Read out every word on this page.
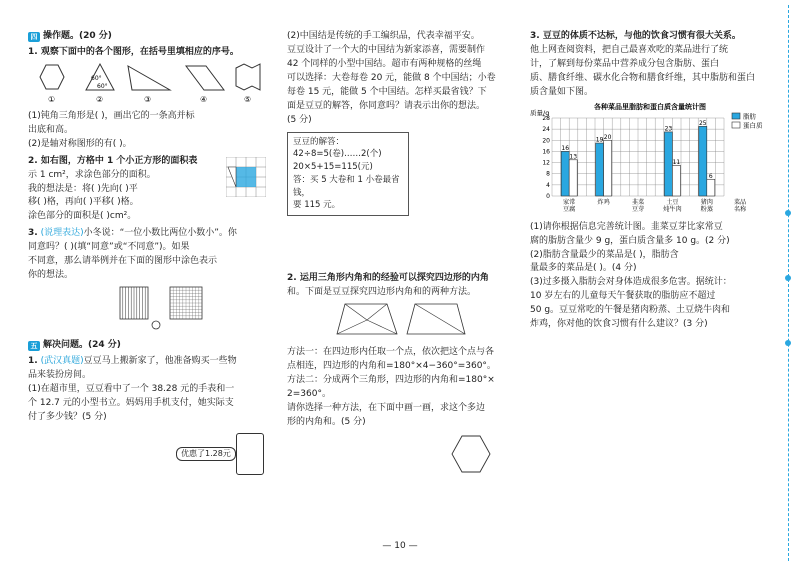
四 操作题。(20 分)

1. 观察下面中的各个图形，在括号里填相应的序号。

60°
60°
①	②	③	④	⑤

(1)钝角三角形是( )，画出它的一条高并标

出底和高。

(2)是轴对称图形的有( )。

2. 如右图，方格中 1 个小正方形的面积表

示 1 cm²，求涂色部分的面积。

我的想法是：将( )先向( )平

移( )格，再向( )平移( )格。

涂色部分的面积是( )cm²。

3. (说理表达)小冬说：“一位小数比两位小数小”。你

同意吗？( )(填“同意”或“不同意”)。如果

不同意，那么请举例并在下面的图形中涂色表示

你的想法。

五 解决问题。(24 分)

1. (武汉真题)豆豆马上搬新家了，他准备购买一些物

品来装扮房间。

(1)在超市里，豆豆看中了一个 38.28 元的手表和一

个 12.7 元的小型书立。妈妈用手机支付，她实际支

付了多少钱？(5 分)

优惠了1.28元

(2)中国结是传统的手工编织品，代表幸福平安。

豆豆设计了一个大的中国结为新家添喜，需要制作

42 个同样的小型中国结。超市有两种规格的丝绳

可以选择：大卷每卷 20 元，能做 8 个中国结；小卷

每卷 15 元，能做 5 个中国结。怎样买最省钱？下

面是豆豆的解答，你同意吗？请表示出你的想法。

(5 分)

豆豆的解答：

42÷8=5(卷)……2(个)

20×5+15=115(元)

答：买 5 大卷和 1 小卷最省钱，

要 115 元。

2. 运用三角形内角和的经验可以探究四边形的内角

和。下面是豆豆探究四边形内角和的两种方法。

方法一：在四边形内任取一个点，依次把这个点与各

点相连，四边形的内角和=180°×4−360°=360°。

方法二：分成两个三角形，四边形的内角和=180°×

2=360°。

请你选择一种方法，在下面中画一画，求这个多边

形的内角和。(5 分)

3. 豆豆的体质不达标，与他的饮食习惯有很大关系。

他上网查阅资料，把自己最喜欢吃的菜品进行了统

计，了解到每份菜品中营养成分包含脂肪、蛋白

质、膳食纤维、碳水化合物和膳食纤维，其中脂肪和蛋白

质含量如下图。

各种菜品里脂肪和蛋白质含量统计图
质量/g
0
4
8
12
16
20
24
28
16
13
家常
豆腐
19 20
炸鸡	韭菜
豆芽
23
11
土豆
炖牛肉
25
6
猪肉
粉蒸
菜品
名称
脂肪
蛋白质

(1)请你根据信息完善统计图。韭菜豆芽比家常豆

腐的脂肪含量少 9 g，蛋白质含量多 10 g。(2 分)

(2)脂肪含量最少的菜品是( )，脂肪含

量最多的菜品是( )。(4 分)

(3)过多摄入脂肪会对身体造成很多危害。据统计：

10 岁左右的儿童每天午餐获取的脂肪应不超过

50 g。豆豆常吃的午餐是猪肉粉蒸、土豆烧牛肉和

炸鸡，你对他的饮食习惯有什么建议？(3 分)

— 10 —
